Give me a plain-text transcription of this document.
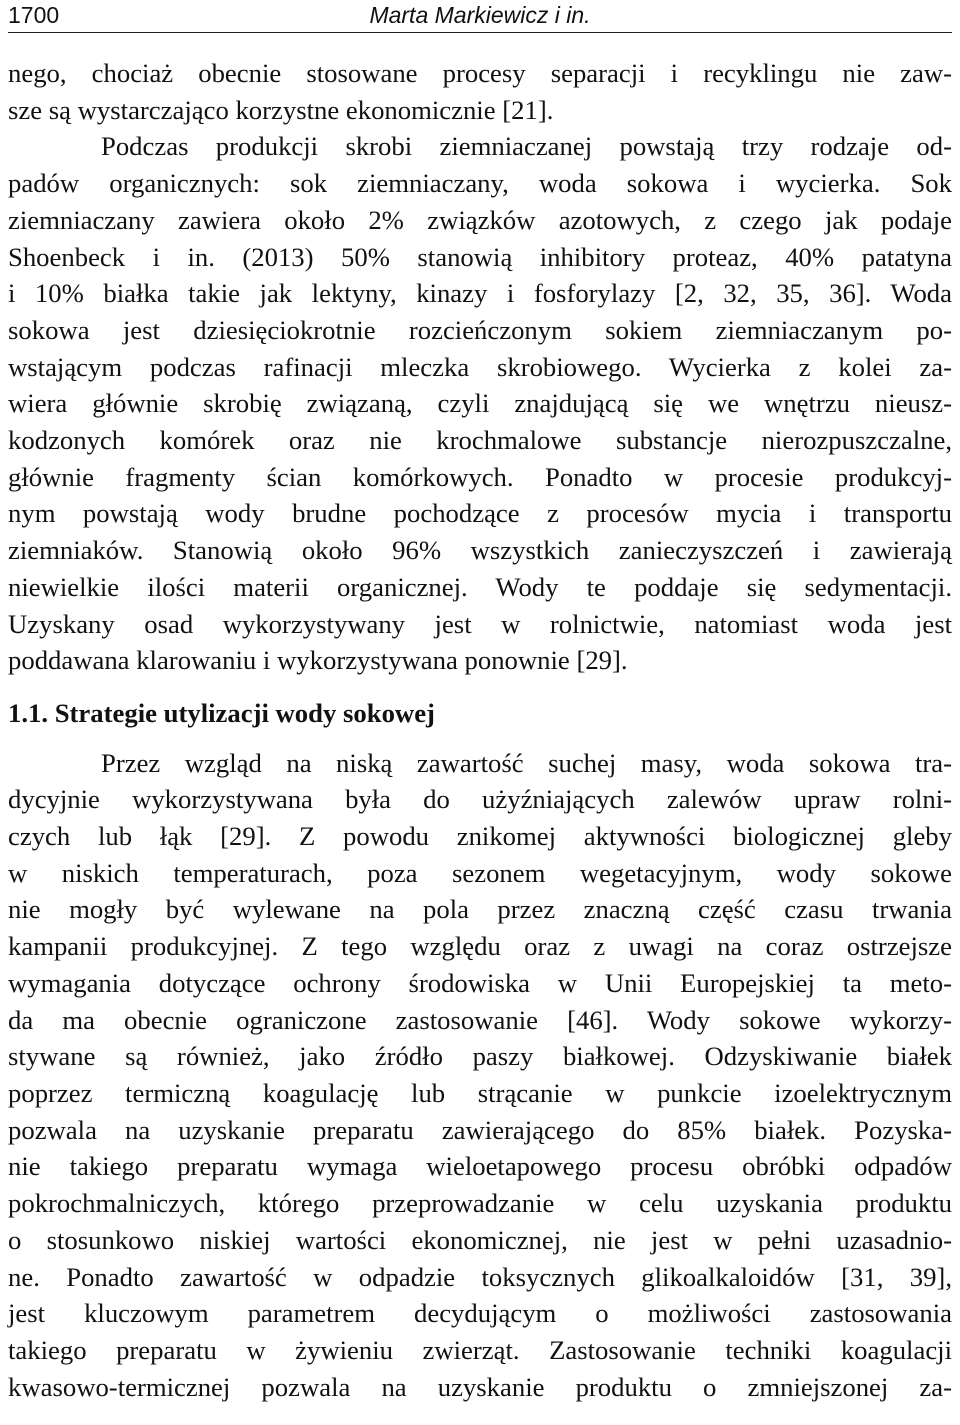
1700	Marta Markiewicz i in.
nego, chociaż obecnie stosowane procesy separacji i recyklingu nie zaw-
sze są wystarczająco korzystne ekonomicznie [21].
Podczas produkcji skrobi ziemniaczanej powstają trzy rodzaje od-
padów organicznych: sok ziemniaczany, woda sokowa i wycierka. Sok
ziemniaczany zawiera około 2% związków azotowych, z czego jak podaje
Shoenbeck i in. (2013) 50% stanowią inhibitory proteaz, 40% patatyna
i 10% białka takie jak lektyny, kinazy i fosforylazy [2, 32, 35, 36]. Woda
sokowa jest dziesięciokrotnie rozcieńczonym sokiem ziemniaczanym po-
wstającym podczas rafinacji mleczka skrobiowego. Wycierka z kolei za-
wiera głównie skrobię związaną, czyli znajdującą się we wnętrzu nieusz-
kodzonych komórek oraz nie krochmalowe substancje nierozpuszczalne,
głównie fragmenty ścian komórkowych. Ponadto w procesie produkcyj-
nym powstają wody brudne pochodzące z procesów mycia i transportu
ziemniaków. Stanowią około 96% wszystkich zanieczyszczeń i zawierają
niewielkie ilości materii organicznej. Wody te poddaje się sedymentacji.
Uzyskany osad wykorzystywany jest w rolnictwie, natomiast woda jest
poddawana klarowaniu i wykorzystywana ponownie [29].
1.1. Strategie utylizacji wody sokowej
Przez wzgląd na niską zawartość suchej masy, woda sokowa tra-
dycyjnie wykorzystywana była do użyźniających zalewów upraw rolni-
czych lub łąk [29]. Z powodu znikomej aktywności biologicznej gleby
w niskich temperaturach, poza sezonem wegetacyjnym, wody sokowe
nie mogły być wylewane na pola przez znaczną część czasu trwania
kampanii produkcyjnej. Z tego względu oraz z uwagi na coraz ostrzejsze
wymagania dotyczące ochrony środowiska w Unii Europejskiej ta meto-
da ma obecnie ograniczone zastosowanie [46]. Wody sokowe wykorzy-
stywane są również, jako źródło paszy białkowej. Odzyskiwanie białek
poprzez termiczną koagulację lub strącanie w punkcie izoelektrycznym
pozwala na uzyskanie preparatu zawierającego do 85% białek. Pozyska-
nie takiego preparatu wymaga wieloetapowego procesu obróbki odpadów
pokrochmalniczych, którego przeprowadzanie w celu uzyskania produktu
o stosunkowo niskiej wartości ekonomicznej, nie jest w pełni uzasadnio-
ne. Ponadto zawartość w odpadzie toksycznych glikoalkaloidów [31, 39],
jest kluczowym parametrem decydującym o możliwości zastosowania
takiego preparatu w żywieniu zwierząt. Zastosowanie techniki koagulacji
kwasowo-termicznej pozwala na uzyskanie produktu o zmniejszonej za-
